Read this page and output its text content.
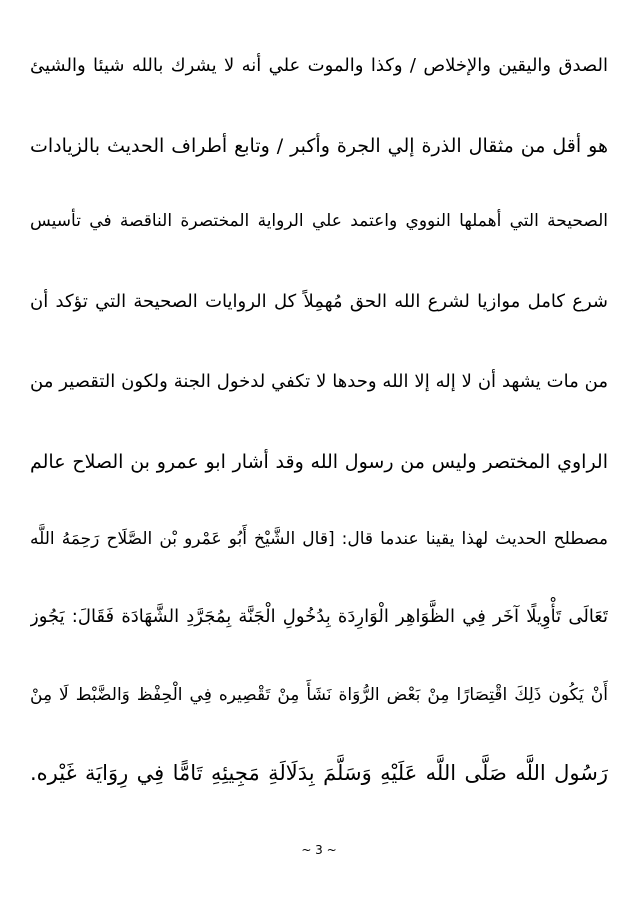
الصدق واليقين والإخلاص / وكذا والموت علي أنه لا يشرك بالله شيئا والشيئ
هو أقل من مثقال الذرة إلي الجرة وأكبر / وتابع أطراف الحديث بالزيادات
الصحيحة التي أهملها النووي واعتمد علي الرواية المختصرة الناقصة في تأسيس
شرع كامل موازيا لشرع الله الحق مُهمِلاً كل الروايات الصحيحة التي تؤكد أن
من مات يشهد أن لا إله إلا الله وحدها لا تكفي لدخول الجنة ولكون التقصير من
الراوي المختصر وليس من رسول الله وقد أشار ابو عمرو بن الصلاح عالم
مصطلح الحديث لهذا يقينا عندما قال: [قال الشَّيْخ أَبُو عَمْرو بْن الصَّلَاح رَحِمَهُ اللَّه
تَعَالَى تَأْوِيلًا آخَر فِي الظَّوَاهِر الْوَارِدَة بِدُخُولِ الْجَنَّة بِمُجَرَّدِ الشَّهَادَة فَقَالَ: يَجُوز
أَنْ يَكُون ذَلِكَ اقْتِصَارًا مِنْ بَعْض الرُّوَاة نَشَأَ مِنْ تَقْصِيره فِي الْحِفْظ وَالضَّبْط لَا مِنْ
رَسُول اللَّه صَلَّى اللَّه عَلَيْهِ وَسَلَّمَ بِدَلَالَةِ مَجِيئِهِ تَامًّا فِي رِوَايَة غَيْره.
~ 3 ~
